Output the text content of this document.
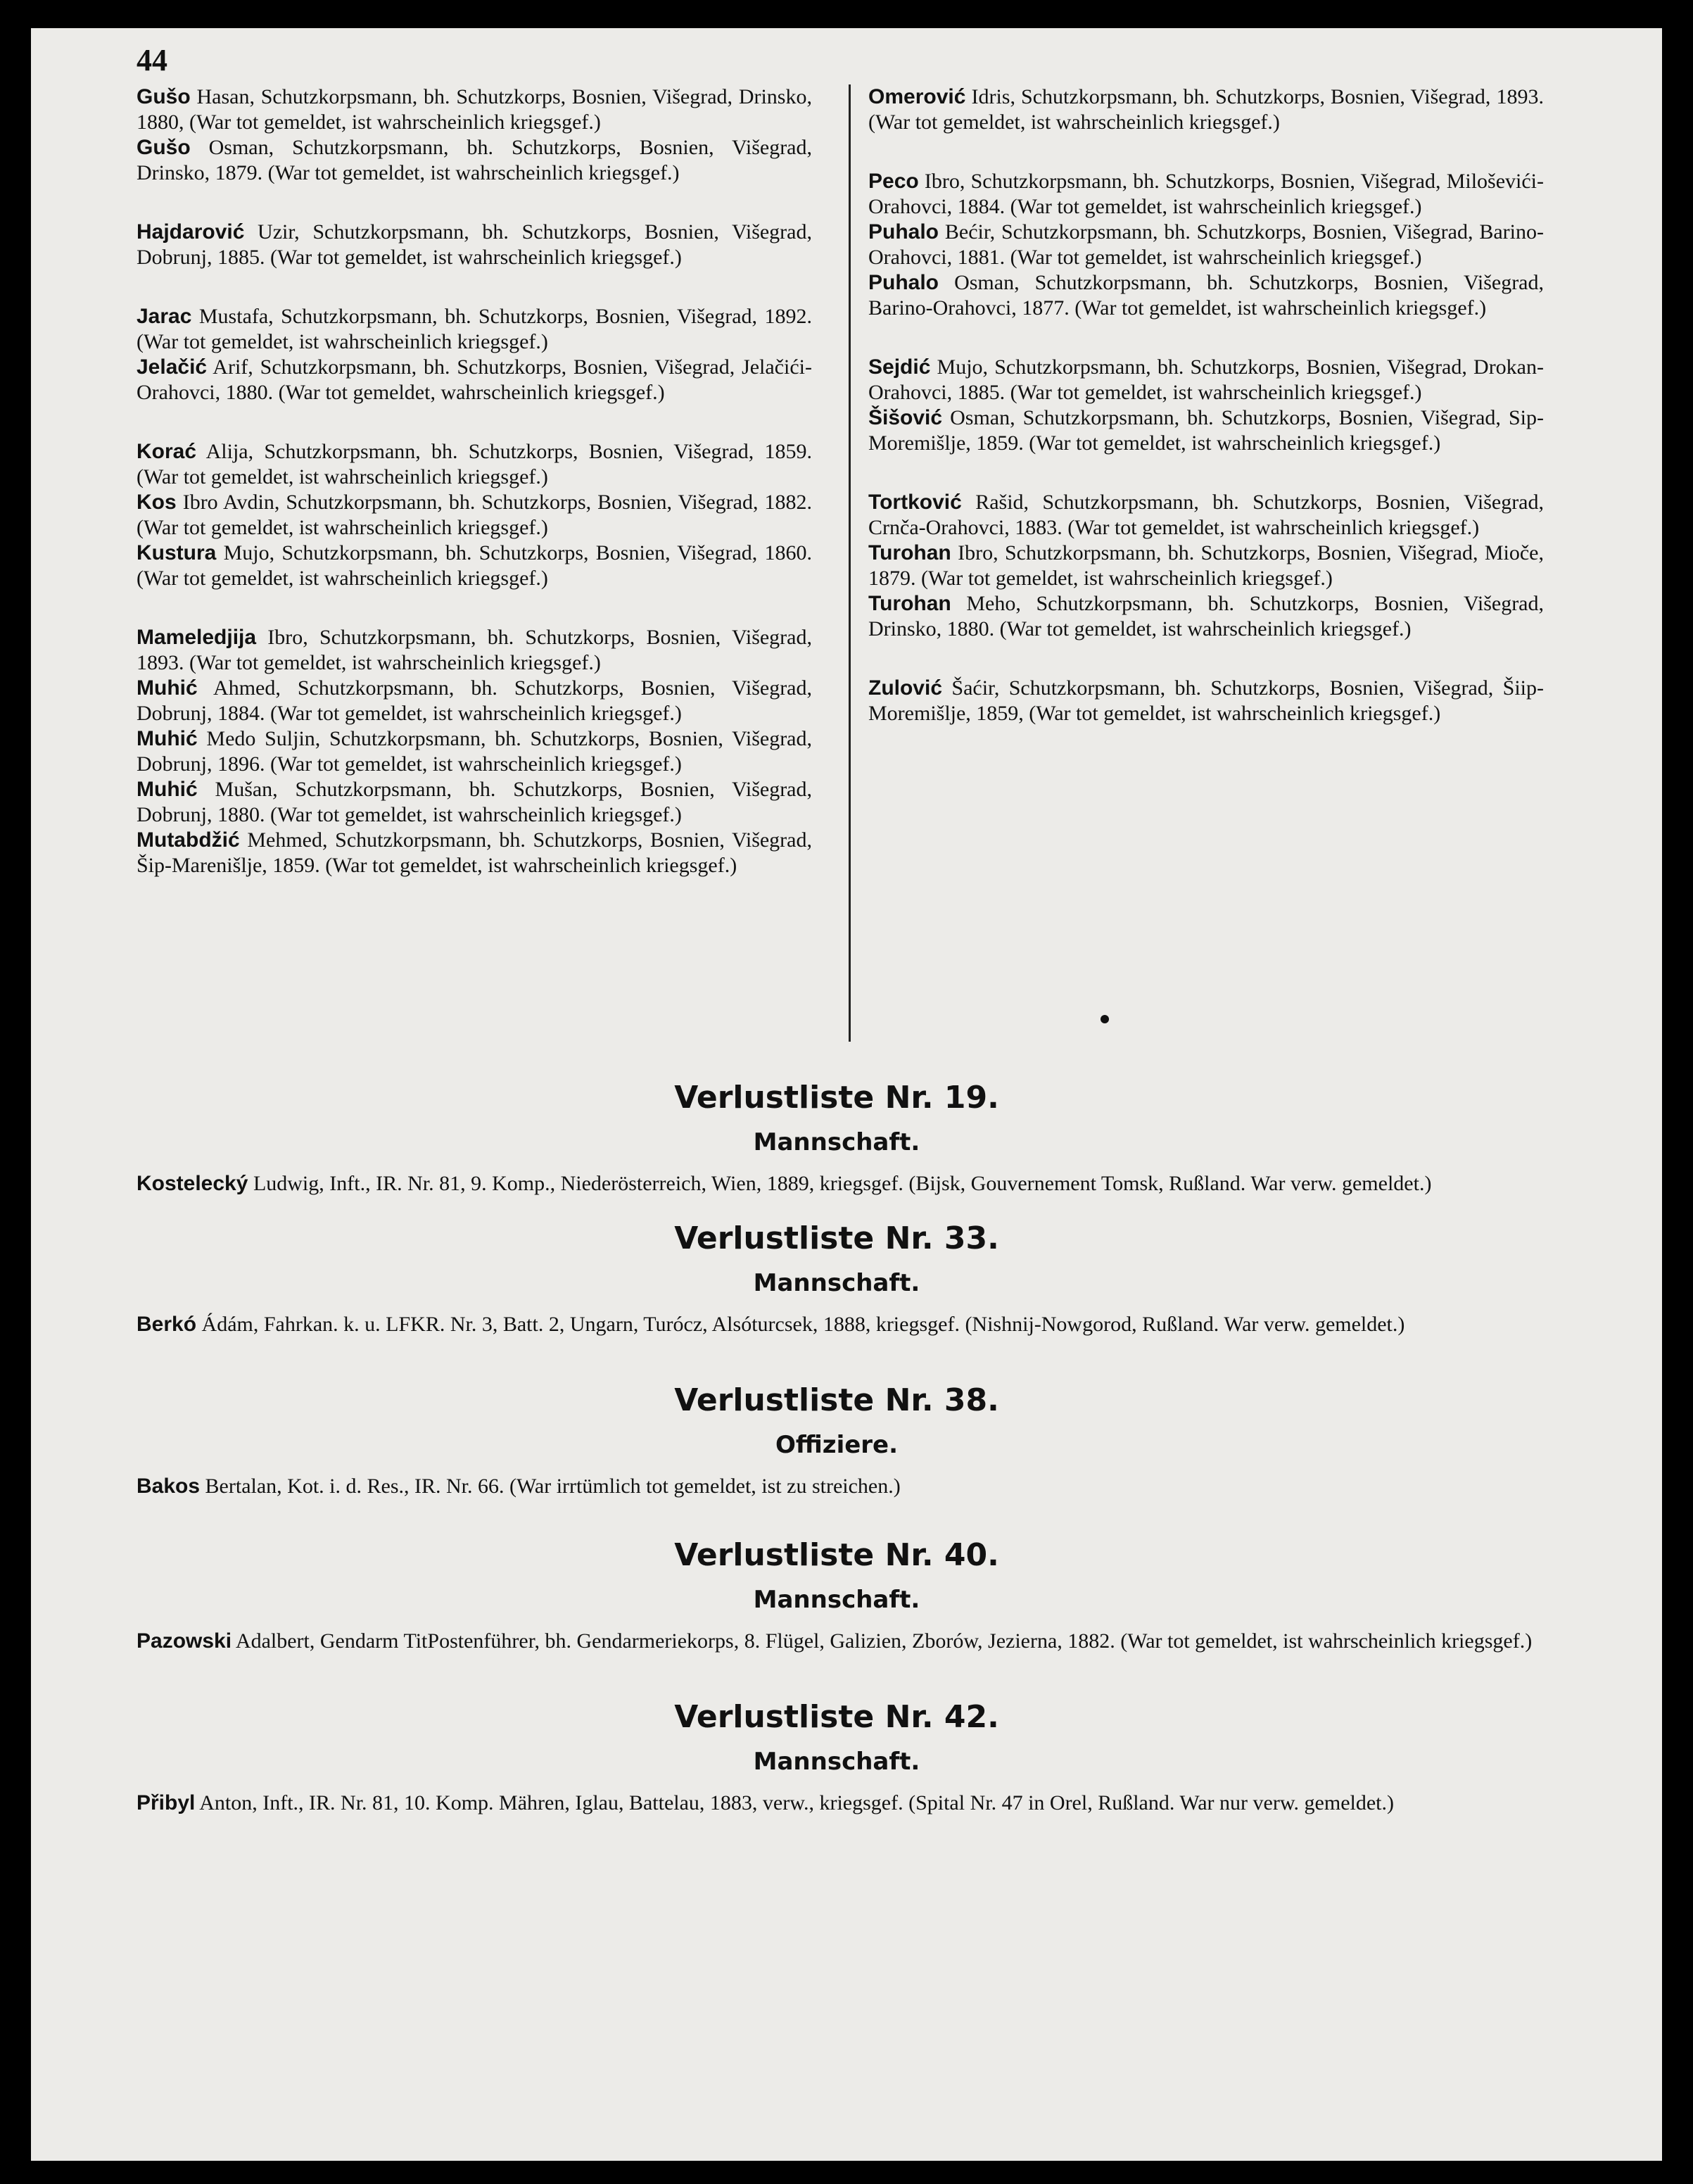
44

Gušo Hasan, Schutzkorpsmann, bh. Schutzkorps, Bosnien, Višegrad, Drinsko, 1880, (War tot gemeldet, ist wahrscheinlich kriegsgef.)

Gušo Osman, Schutzkorpsmann, bh. Schutzkorps, Bosnien, Višegrad, Drinsko, 1879. (War tot gemeldet, ist wahrscheinlich kriegsgef.)

Hajdarović Uzir, Schutzkorpsmann, bh. Schutzkorps, Bosnien, Višegrad, Dobrunj, 1885. (War tot gemeldet, ist wahrscheinlich kriegsgef.)

Jarac Mustafa, Schutzkorpsmann, bh. Schutzkorps, Bosnien, Višegrad, 1892. (War tot gemeldet, ist wahrscheinlich kriegsgef.)

Jelačić Arif, Schutzkorpsmann, bh. Schutzkorps, Bosnien, Višegrad, Jelačići-Orahovci, 1880. (War tot gemeldet, wahrscheinlich kriegsgef.)

Korać Alija, Schutzkorpsmann, bh. Schutzkorps, Bosnien, Višegrad, 1859. (War tot gemeldet, ist wahrscheinlich kriegsgef.)

Kos Ibro Avdin, Schutzkorpsmann, bh. Schutzkorps, Bosnien, Višegrad, 1882. (War tot gemeldet, ist wahrscheinlich kriegsgef.)

Kustura Mujo, Schutzkorpsmann, bh. Schutzkorps, Bosnien, Višegrad, 1860. (War tot gemeldet, ist wahrscheinlich kriegsgef.)

Mameledjija Ibro, Schutzkorpsmann, bh. Schutzkorps, Bosnien, Višegrad, 1893. (War tot gemeldet, ist wahrscheinlich kriegsgef.)

Muhić Ahmed, Schutzkorpsmann, bh. Schutzkorps, Bosnien, Višegrad, Dobrunj, 1884. (War tot gemeldet, ist wahrscheinlich kriegsgef.)

Muhić Medo Suljin, Schutzkorpsmann, bh. Schutzkorps, Bosnien, Višegrad, Dobrunj, 1896. (War tot gemeldet, ist wahrscheinlich kriegsgef.)

Muhić Mušan, Schutzkorpsmann, bh. Schutzkorps, Bosnien, Višegrad, Dobrunj, 1880. (War tot gemeldet, ist wahrscheinlich kriegsgef.)

Mutabdžić Mehmed, Schutzkorpsmann, bh. Schutzkorps, Bosnien, Višegrad, Šip-Marenišlje, 1859. (War tot gemeldet, ist wahrscheinlich kriegsgef.)

Omerović Idris, Schutzkorpsmann, bh. Schutzkorps, Bosnien, Višegrad, 1893. (War tot gemeldet, ist wahrscheinlich kriegsgef.)

Peco Ibro, Schutzkorpsmann, bh. Schutzkorps, Bosnien, Višegrad, Miloševići-Orahovci, 1884. (War tot gemeldet, ist wahrscheinlich kriegsgef.)

Puhalo Bećir, Schutzkorpsmann, bh. Schutzkorps, Bosnien, Višegrad, Barino-Orahovci, 1881. (War tot gemeldet, ist wahrscheinlich kriegsgef.)

Puhalo Osman, Schutzkorpsmann, bh. Schutzkorps, Bosnien, Višegrad, Barino-Orahovci, 1877. (War tot gemeldet, ist wahrscheinlich kriegsgef.)

Sejdić Mujo, Schutzkorpsmann, bh. Schutzkorps, Bosnien, Višegrad, Drokan-Orahovci, 1885. (War tot gemeldet, ist wahrscheinlich kriegsgef.)

Šišović Osman, Schutzkorpsmann, bh. Schutzkorps, Bosnien, Višegrad, Sip-Moremišlje, 1859. (War tot gemeldet, ist wahrscheinlich kriegsgef.)

Tortković Rašid, Schutzkorpsmann, bh. Schutzkorps, Bosnien, Višegrad, Crnča-Orahovci, 1883. (War tot gemeldet, ist wahrscheinlich kriegsgef.)

Turohan Ibro, Schutzkorpsmann, bh. Schutzkorps, Bosnien, Višegrad, Mioče, 1879. (War tot gemeldet, ist wahrscheinlich kriegsgef.)

Turohan Meho, Schutzkorpsmann, bh. Schutzkorps, Bosnien, Višegrad, Drinsko, 1880. (War tot gemeldet, ist wahrscheinlich kriegsgef.)

Zulović Šaćir, Schutzkorpsmann, bh. Schutzkorps, Bosnien, Višegrad, Šiip-Moremišlje, 1859, (War tot gemeldet, ist wahrscheinlich kriegsgef.)

Verlustliste Nr. 19.
Mannschaft.

Kostelecký Ludwig, Inft., IR. Nr. 81, 9. Komp., Niederösterreich, Wien, 1889, kriegsgef. (Bijsk, Gouvernement Tomsk, Rußland. War verw. gemeldet.)

Verlustliste Nr. 33.
Mannschaft.

Berkó Ádám, Fahrkan. k. u. LFKR. Nr. 3, Batt. 2, Ungarn, Turócz, Alsóturcsek, 1888, kriegsgef. (Nishnij-Nowgorod, Rußland. War verw. gemeldet.)

Verlustliste Nr. 38.
Offiziere.

Bakos Bertalan, Kot. i. d. Res., IR. Nr. 66. (War irrtümlich tot gemeldet, ist zu streichen.)

Verlustliste Nr. 40.
Mannschaft.

Pazowski Adalbert, Gendarm TitPostenführer, bh. Gendarmeriekorps, 8. Flügel, Galizien, Zborów, Jezierna, 1882. (War tot gemeldet, ist wahrscheinlich kriegsgef.)

Verlustliste Nr. 42.
Mannschaft.

Přibyl Anton, Inft., IR. Nr. 81, 10. Komp. Mähren, Iglau, Battelau, 1883, verw., kriegsgef. (Spital Nr. 47 in Orel, Rußland. War nur verw. gemeldet.)
